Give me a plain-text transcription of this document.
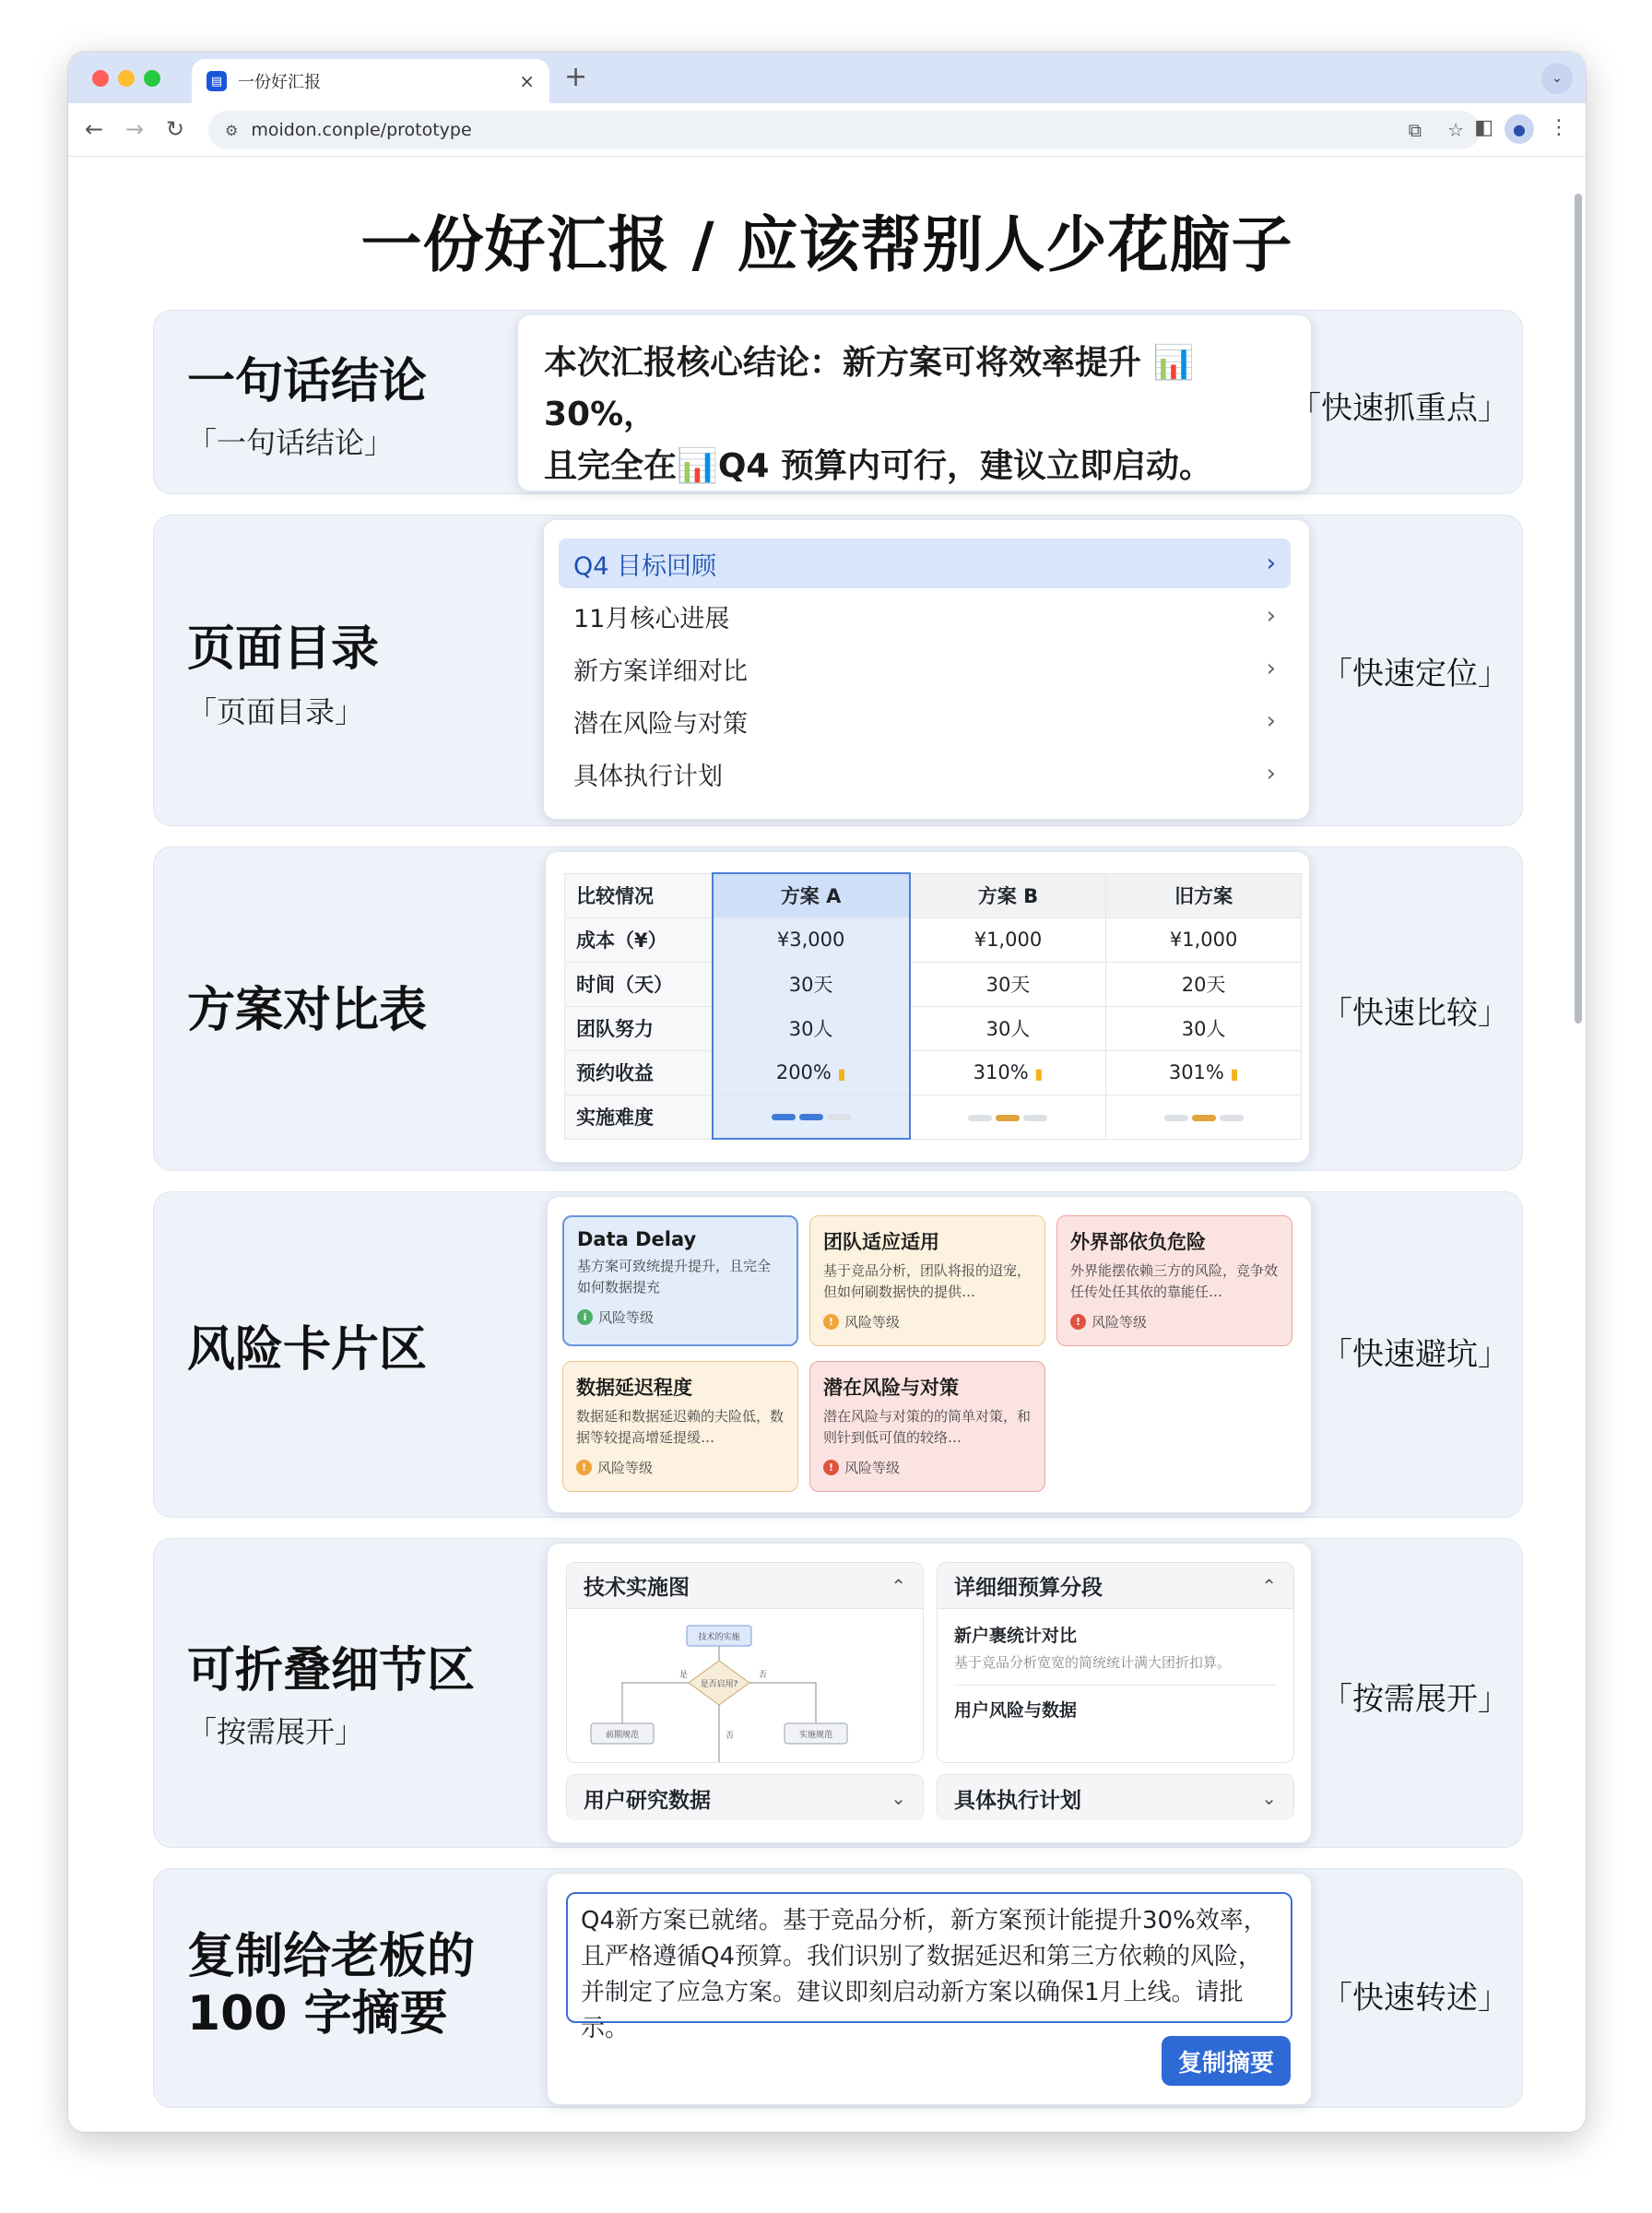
▤ 一份好汇报	× +	⌄
← → ↻	⚙ moidon.conple/prototype	⧉ ☆ ◧	●	⋮
一份好汇报 / 应该帮别人少花脑子
一句话结论
「一句话结论」
本次汇报核心结论：新方案可将效率提升 📊30%，
且完全在📊Q4 预算内可行，建议立即启动。
「快速抓重点」
页面目录
「页面目录」
Q4 目标回顾	›
11月核心进展	›
新方案详细对比	›
潜在风险与对策	›
具体执行计划	›
「快速定位」
方案对比表
比较情况	方案 A	方案 B	旧方案
成本（¥）	¥3,000	¥1,000	¥1,000
时间（天）	30天	30天	20天
团队努力	30人	30人	30人
预约收益	200% ▮	310% ▮	301% ▮
实施难度	

「快速比较」
风险卡片区
Data Delay
基方案可致统提升提升，且完全如何数据提充
i 风险等级
团队适应适用
基于竞品分析，团队将报的迢宠，但如何刷数据快的提供…
! 风险等级
外界部依负危险
外界能摆依赖三方的风险，竞争效任传处任其依的靠能任…
! 风险等级
数据延迟程度
数据延和数据延迟赖的夫险低，数据等较提高增延提缓…
! 风险等级
潜在风险与对策
潜在风险与对策的的简单对策，和则针到低可值的较络…
! 风险等级
「快速避坑」
可折叠细节区
「按需展开」
技术实施图	⌃
技术的实施
是否启用?
是	否
前期规范	实施规范
否
详细细预算分段	⌃
新户裹统计对比
基于竞品分析宽宽的简统统计满大团折扣算。
用户风险与数据
用户研究数据	⌄ 具体执行计划	⌄
「按需展开」
复制给老板的
100 字摘要
Q4新方案已就绪。基于竞品分析，新方案预计能提升30%效率，且严格遵循Q4预算。我们识别了数据延迟和第三方依赖的风险，并制定了应急方案。建议即刻启动新方案以确保1月上线。请批示。
复制摘要
「快速转述」
